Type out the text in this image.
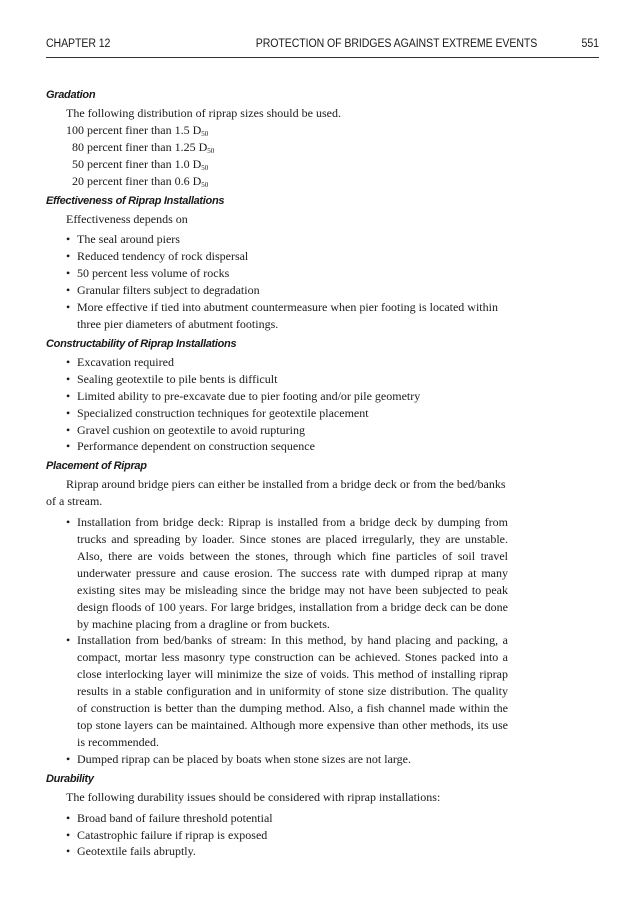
CHAPTER 12	PROTECTION OF BRIDGES AGAINST EXTREME EVENTS	551
Gradation

The following distribution of riprap sizes should be used.

100 percent finer than 1.5 $D_{50}$
80 percent finer than 1.25 $D_{50}$
50 percent finer than 1.0 $D_{50}$
20 percent finer than 0.6 $D_{50}$
Effectiveness of Riprap Installations

Effectiveness depends on

• The seal around piers
• Reduced tendency of rock dispersal
• 50 percent less volume of rocks
• Granular filters subject to degradation
• More effective if tied into abutment countermeasure when pier footing is located within three pier diameters of abutment footings.
Constructability of Riprap Installations
• Excavation required
• Sealing geotextile to pile bents is difficult
• Limited ability to pre-excavate due to pier footing and/or pile geometry
• Specialized construction techniques for geotextile placement
• Gravel cushion on geotextile to avoid rupturing
• Performance dependent on construction sequence
Placement of Riprap

Riprap around bridge piers can either be installed from a bridge deck or from the bed/banks of a stream.

• Installation from bridge deck: Riprap is installed from a bridge deck by dumping from trucks and spreading by loader. Since stones are placed irregularly, they are unstable. Also, there are voids between the stones, through which fine particles of soil travel underwater pressure and cause erosion. The success rate with dumped riprap at many existing sites may be misleading since the bridge may not have been subjected to peak design floods of 100 years. For large bridges, installation from a bridge deck can be done by machine placing from a dragline or from buckets.
• Installation from bed/banks of stream: In this method, by hand placing and packing, a compact, mortar less masonry type construction can be achieved. Stones packed into a close interlocking layer will minimize the size of voids. This method of installing riprap results in a stable configuration and in uniformity of stone size distribution. The quality of construction is better than the dumping method. Also, a fish channel made within the top stone layers can be maintained. Although more expensive than other methods, its use is recommended.
• Dumped riprap can be placed by boats when stone sizes are not large.
Durability

The following durability issues should be considered with riprap installations:

• Broad band of failure threshold potential
• Catastrophic failure if riprap is exposed
• Geotextile fails abruptly.
